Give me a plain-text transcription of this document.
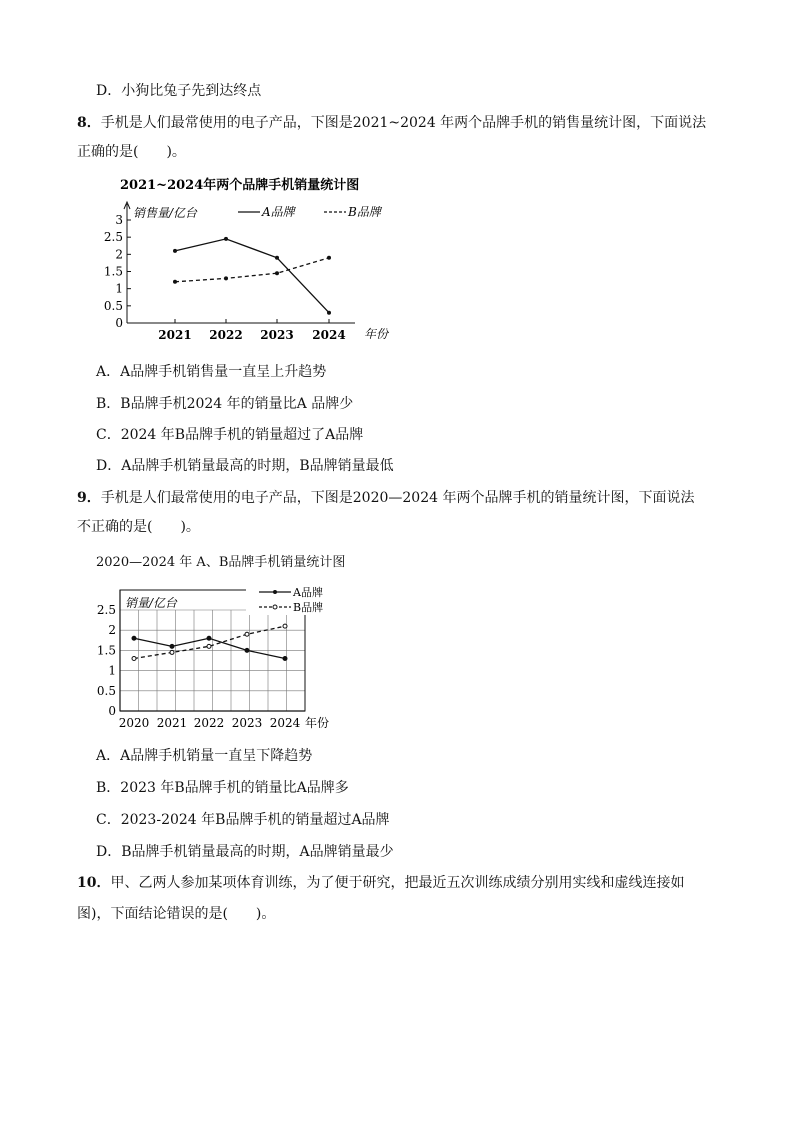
D．小狗比兔子先到达终点
8．手机是人们最常使用的电子产品，下图是2021~2024 年两个品牌手机的销售量统计图，下面说法
正确的是(　　)。
2021~2024年两个品牌手机销量统计图
销售量/亿台
年份
0
0.5
1
1.5
2
2.5
3
2021 2022 2023 2024
A品牌	B品牌
A．A品牌手机销售量一直呈上升趋势
B．B品牌手机2024 年的销量比A 品牌少
C．2024 年B品牌手机的销量超过了A品牌
D．A品牌手机销量最高的时期，B品牌销量最低
9．手机是人们最常使用的电子产品，下图是2020—2024 年两个品牌手机的销量统计图，下面说法
不正确的是(　　)。
2020—2024 年 A、B品牌手机销量统计图
销量/亿台
年份
0
0.5
1
1.5
2
2.5
2020 2021 2022 2023 2024
A品牌
B品牌
A．A品牌手机销量一直呈下降趋势
B．2023 年B品牌手机的销量比A品牌多
C．2023-2024 年B品牌手机的销量超过A品牌
D．B品牌手机销量最高的时期，A品牌销量最少
10．甲、乙两人参加某项体育训练，为了便于研究，把最近五次训练成绩分别用实线和虚线连接如
图)，下面结论错误的是(　　)。
